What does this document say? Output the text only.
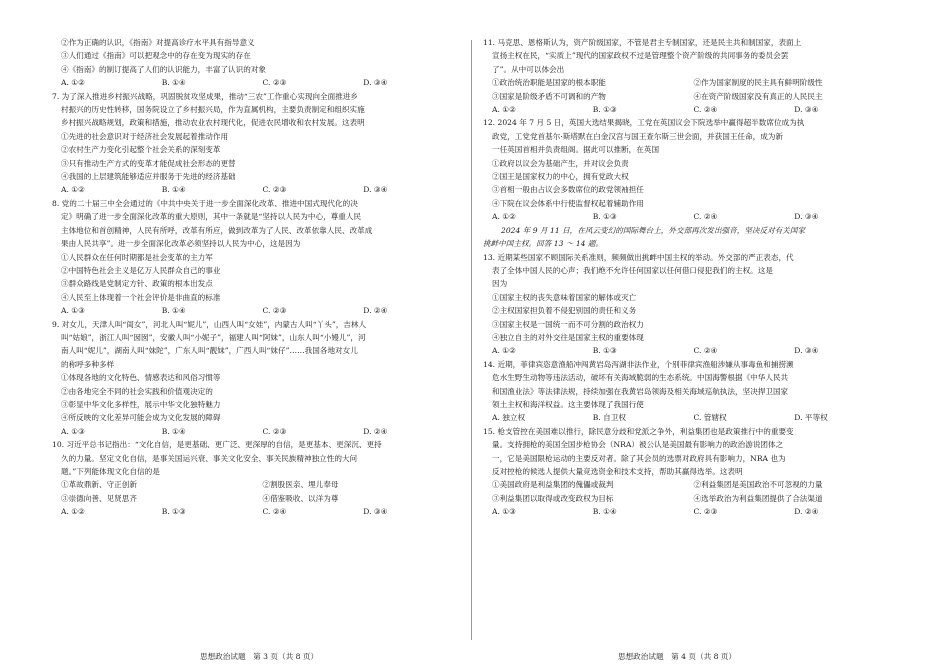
②作为正确的认识，《指南》对提高诊疗水平具有指导意义
③人们通过《指南》可以把观念中的存在变为现实的存在
④《指南》的制订提高了人们的认识能力，丰富了认识的对象
A. ①②	B. ①④	C. ②③	D. ③④
7. 为了深入推进乡村振兴战略，巩固脱贫攻坚成果，推动“三农”工作重心实现向全面推进乡
村振兴的历史性转移，国务院设立了乡村振兴局，作为直属机构，主要负责制定和组织实施
乡村振兴战略规划，政策和措施，推动农业农村现代化，促进农民增收和农村发展。这表明
①先进的社会意识对于经济社会发展起着推动作用
②农村生产力变化引起整个社会关系的深刻变革
③只有推动生产方式的变革才能促成社会形态的更替
④我国的上层建筑能够适应并服务于先进的经济基础
A. ①②	B. ①④	C. ②③	D. ③④
8. 党的二十届三中全会通过的《中共中央关于进一步全面深化改革、推进中国式现代化的决
定》明确了进一步全面深化改革的重大原则，其中一条就是“坚持以人民为中心，尊重人民
主体地位和首创精神，人民有所呼，改革有所应，做到改革为了人民、改革依靠人民、改革成
果由人民共享”。进一步全面深化改革必须坚持以人民为中心，这是因为
①人民群众在任何时期都是社会变革的主力军
②中国特色社会主义是亿万人民群众自己的事业
③群众路线是党制定方针、政策的根本出发点
④人民至上体现着一个社会评价是非曲直的标准
A. ①③	B. ①④	C. ②③	D. ②④
9. 对女儿，天津人叫“闺女”，河北人叫“妮儿”，山西人叫“女娃”，内蒙古人叫“丫头”，吉林人
叫“姑娘”，浙江人叫“囡囡”，安徽人叫“小妮子”，福建人叫“阿妹”，山东人叫“小嫚儿”，河
南人叫“妮儿”，湖南人叫“妹陀”，广东人叫“靓妹”，广西人叫“妹仔”……我国各地对女儿
的称呼多种多样
①体现各地的文化特色、情感表达和风俗习惯等
②由各地完全不同的社会实践和价值观决定的
③彰显中华文化多样性，展示中华文化独特魅力
④所反映的文化差异可能会成为文化发展的障碍
A. ①③	B. ①④	C. ②③	D. ②④
10. 习近平总书记指出：“文化自信，是更基础、更广泛、更深厚的自信，是更基本、更深沉、更持
久的力量。坚定文化自信，是事关国运兴衰、事关文化安全、事关民族精神独立性的大问
题。”下列能体现文化自信的是
①革故鼎新、守正创新	②割股医亲、埋儿奉母
③崇德向善、见贤思齐	④借鉴吸收、以洋为尊
A. ①②	B. ①③	C. ②④	D. ③④
11. 马克思、恩格斯认为，资产阶级国家，不管是君主专制国家，还是民主共和制国家，表面上
宣扬主权在民，“实质上”现代的国家政权不过是管理整个资产阶级的共同事务的委员会罢
了”。从中可以体会出
①政治统治职能是国家的根本职能	②作为国家制度的民主具有鲜明阶级性
③国家是阶级矛盾不可调和的产物	④在资产阶级国家没有真正的人民民主
A. ①②	B. ①③	C. ②④	D. ③④
12. 2024 年 7 月 5 日，英国大选结果揭晓，工党在英国议会下院选举中赢得超半数席位成为执
政党，工党党首基尔·斯塔默在白金汉宫与国王查尔斯三世会面，并获国王任命，成为新
一任英国首相并负责组阁。据此可以推断，在英国
①政府以议会为基础产生，并对议会负责
②国王是国家权力的中心，拥有党政大权
③首相一般由占议会多数席位的政党领袖担任
④下院在议会体系中行使监督权起着辅助作用
A. ①②	B. ①③	C. ②④	D. ③④
2024 年 9 月 11 日，在风云变幻的国际舞台上，外交部再次发出强音，坚决反对有关国家
挑衅中国主权。回答 13 ～ 14 题。
13. 近期某些国家不顾国际关系准则，频频做出挑衅中国主权的举动。外交部的严正表态，代
表了全体中国人民的心声；我们绝不允许任何国家以任何借口侵犯我们的主权。这是
因为
①国家主权的丧失意味着国家的解体或灭亡
②主权国家担负着不侵犯别国的责任和义务
③国家主权是一国统一而不可分割的政治权力
④独立自主的对外交往是国家主权的重要体现
A. ①②	B. ①③	C. ②④	D. ③④
14. 近期，菲律宾恣意渔船冲闯黄岩岛泻湖非法作业，个别菲律宾渔船涉嫌从事毒鱼和捕捞濒
危水生野生动物等违法活动，破坏有关海域脆弱的生态系统。中国海警根据《中华人民共
和国渔业法》等法律法规，持续加强在我黄岩岛领海及相关海域巡航执法，坚决捍卫国家
领土主权和海洋权益。这主要体现了我国行使
A. 独立权	B. 自卫权	C. 管辖权	D. 平等权
15. 枪支管控在美国难以推行，除民意分歧和党派之争外，利益集团也是政策推行中的重要变
量。支持拥枪的美国全国步枪协会（NRA）被公认是美国最有影响力的政治游说团体之
一，它是美国限枪运动的主要反对者。除了其会员的选票对政府具有影响力，NRA 也为
反对控枪的候选人提供大量竞选资金和技术支持，帮助其赢得选举。这表明
①美国政府是利益集团的傀儡或裁判	②利益集团是美国政治不可忽视的力量
③利益集团以取得或改变政权为目标	④选举政治为利益集团提供了合法渠道
A. ①③	B. ①④	C. ②③	D. ②④
思想政治试题　第 3 页（共 8 页）	思想政治试题　第 4 页（共 8 页）
